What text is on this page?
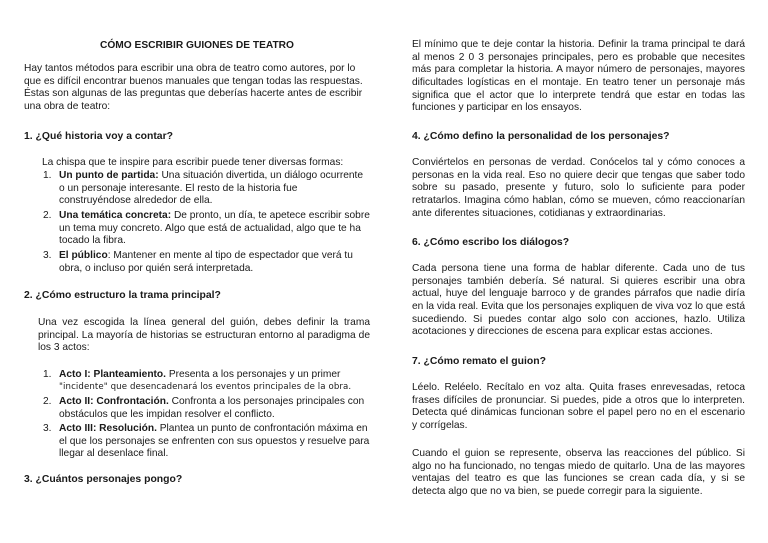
CÓMO ESCRIBIR GUIONES DE TEATRO

Hay tantos métodos para escribir una obra de teatro como autores, por lo que es difícil encontrar buenos manuales que tengan todas las respuestas. Éstas son algunas de las preguntas que deberías hacerte antes de escribir una obra de teatro:

1. ¿Qué historia voy a contar?

La chispa que te inspire para escribir puede tener diversas formas:

1. Un punto de partida: Una situación divertida, un diálogo ocurrente o un personaje interesante. El resto de la historia fue construyéndose alrededor de ella.
2. Una temática concreta: De pronto, un día, te apetece escribir sobre un tema muy concreto. Algo que está de actualidad, algo que te ha tocado la fibra.
3. El público: Mantener en mente al tipo de espectador que verá tu obra, o incluso por quién será interpretada.
2. ¿Cómo estructuro la trama principal?

Una vez escogida la línea general del guión, debes definir la trama principal. La mayoría de historias se estructuran entorno al paradigma de los 3 actos:

1. Acto I: Planteamiento. Presenta a los personajes y un primer
"incidente" que desencadenará los eventos principales de la obra.
2. Acto II: Confrontación. Confronta a los personajes principales con obstáculos que les impidan resolver el conflicto.
3. Acto III: Resolución. Plantea un punto de confrontación máxima en el que los personajes se enfrenten con sus opuestos y resuelve para llegar al desenlace final.
3. ¿Cuántos personajes pongo?

El mínimo que te deje contar la historia. Definir la trama principal te dará al menos 2 0 3 personajes principales, pero es probable que necesites más para completar la historia. A mayor número de personajes, mayores dificultades logísticas en el montaje. En teatro tener un personaje más significa que el actor que lo interprete tendrá que estar en todas las funciones y participar en los ensayos.

4. ¿Cómo defino la personalidad de los personajes?

Conviértelos en personas de verdad. Conócelos tal y cómo conoces a personas en la vida real. Eso no quiere decir que tengas que saber todo sobre su pasado, presente y futuro, solo lo suficiente para poder retratarlos. Imagina cómo hablan, cómo se mueven, cómo reaccionarían ante diferentes situaciones, cotidianas y extraordinarias.

6. ¿Cómo escribo los diálogos?

Cada persona tiene una forma de hablar diferente. Cada uno de tus personajes también debería. Sé natural. Si quieres escribir una obra actual, huye del lenguaje barroco y de grandes párrafos que nadie diría en la vida real. Evita que los personajes expliquen de viva voz lo que está sucediendo. Si puedes contar algo solo con acciones, hazlo. Utiliza acotaciones y direcciones de escena para explicar estas acciones.

7. ¿Cómo remato el guion?

Léelo. Reléelo. Recítalo en voz alta. Quita frases enrevesadas, retoca frases difíciles de pronunciar. Si puedes, pide a otros que lo interpreten. Detecta qué dinámicas funcionan sobre el papel pero no en el escenario y corrígelas.

Cuando el guion se represente, observa las reacciones del público. Si algo no ha funcionado, no tengas miedo de quitarlo. Una de las mayores ventajas del teatro es que las funciones se crean cada día, y si se detecta algo que no va bien, se puede corregir para la siguiente.
